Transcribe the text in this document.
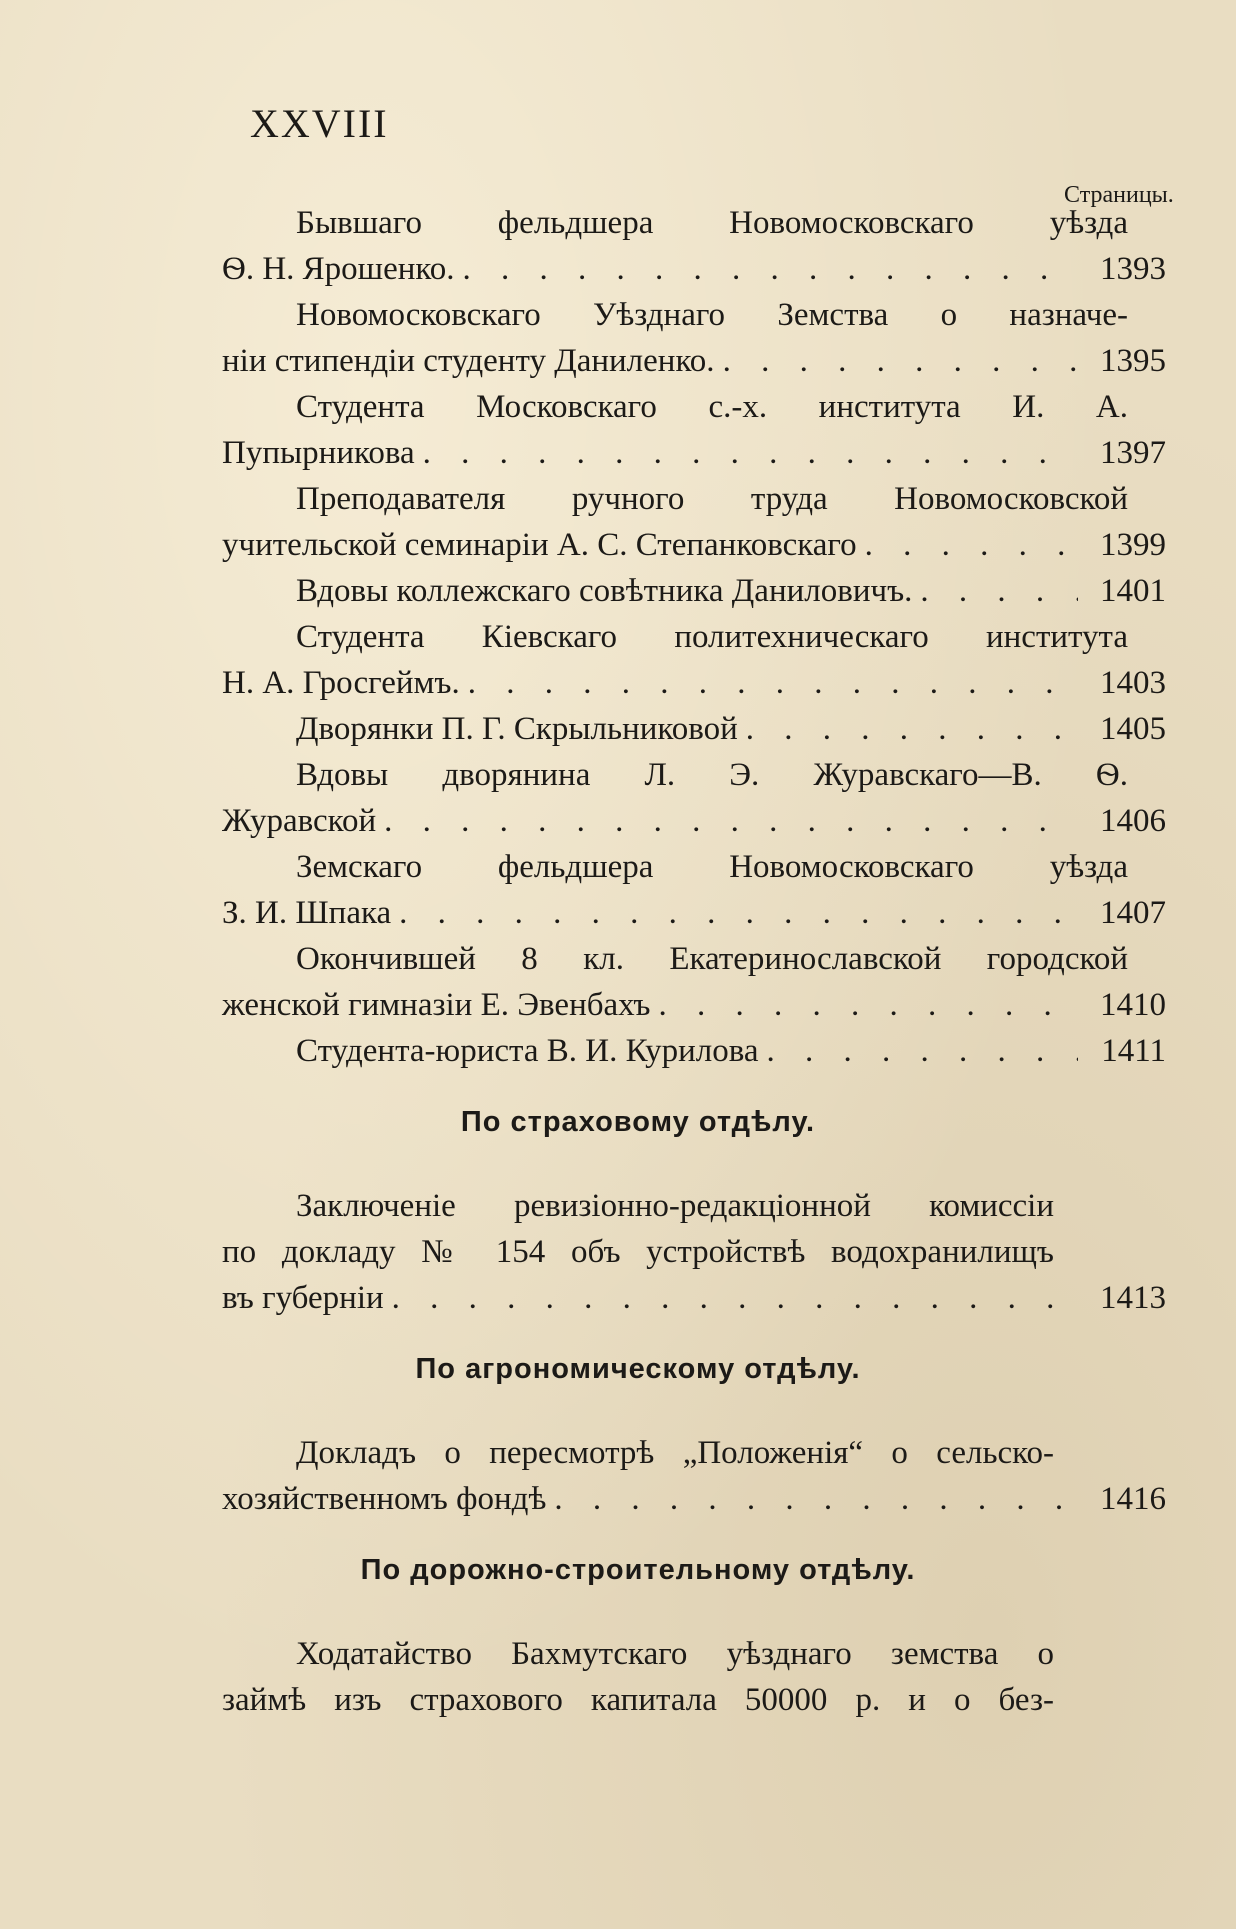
XXVIII
Страницы.
Бывшаго фельдшера Новомосковскаго уѣзда
Ѳ. Н. Ярошенко. . . .	1393
Новомосковскаго Уѣзднаго Земства о назначе-
нiи стипендiи студенту Даниленко. . . .	1395
Студента Московскаго с.-х. института И. А.
Пупырникова . . .	1397
Преподавателя ручного труда Новомосковской
учительской семинарiи А. С. Степанковскаго . . .	1399
Вдовы коллежскаго совѣтника Даниловичъ. . . .	1401
Студента Кiевскаго политехническаго института
Н. А. Гросгеймъ. . . .	1403
Дворянки П. Г. Скрыльниковой . . .	1405
Вдовы дворянина Л. Э. Журавскаго—В. Ѳ.
Журавской . . .	1406
Земскаго фельдшера Новомосковскаго уѣзда
З. И. Шпака . . .	1407
Окончившей 8 кл. Екатеринославской городской
женской гимназiи Е. Эвенбахъ . . .	1410
Студента-юриста В. И. Курилова . . .	1411
По страховому отдѣлу.
Заключенiе ревизiонно-редакцiонной комиссiи
по докладу № 154 объ устройствѣ водохранилищъ
въ губернiи . . .	1413
По агрономическому отдѣлу.
Докладъ о пересмотрѣ „Положенiя“ о сельско-
хозяйственномъ фондѣ . . .	1416
По дорожно-строительному отдѣлу.
Ходатайство Бахмутскаго уѣзднаго земства о
займѣ изъ страхового капитала 50000 р. и о без-
